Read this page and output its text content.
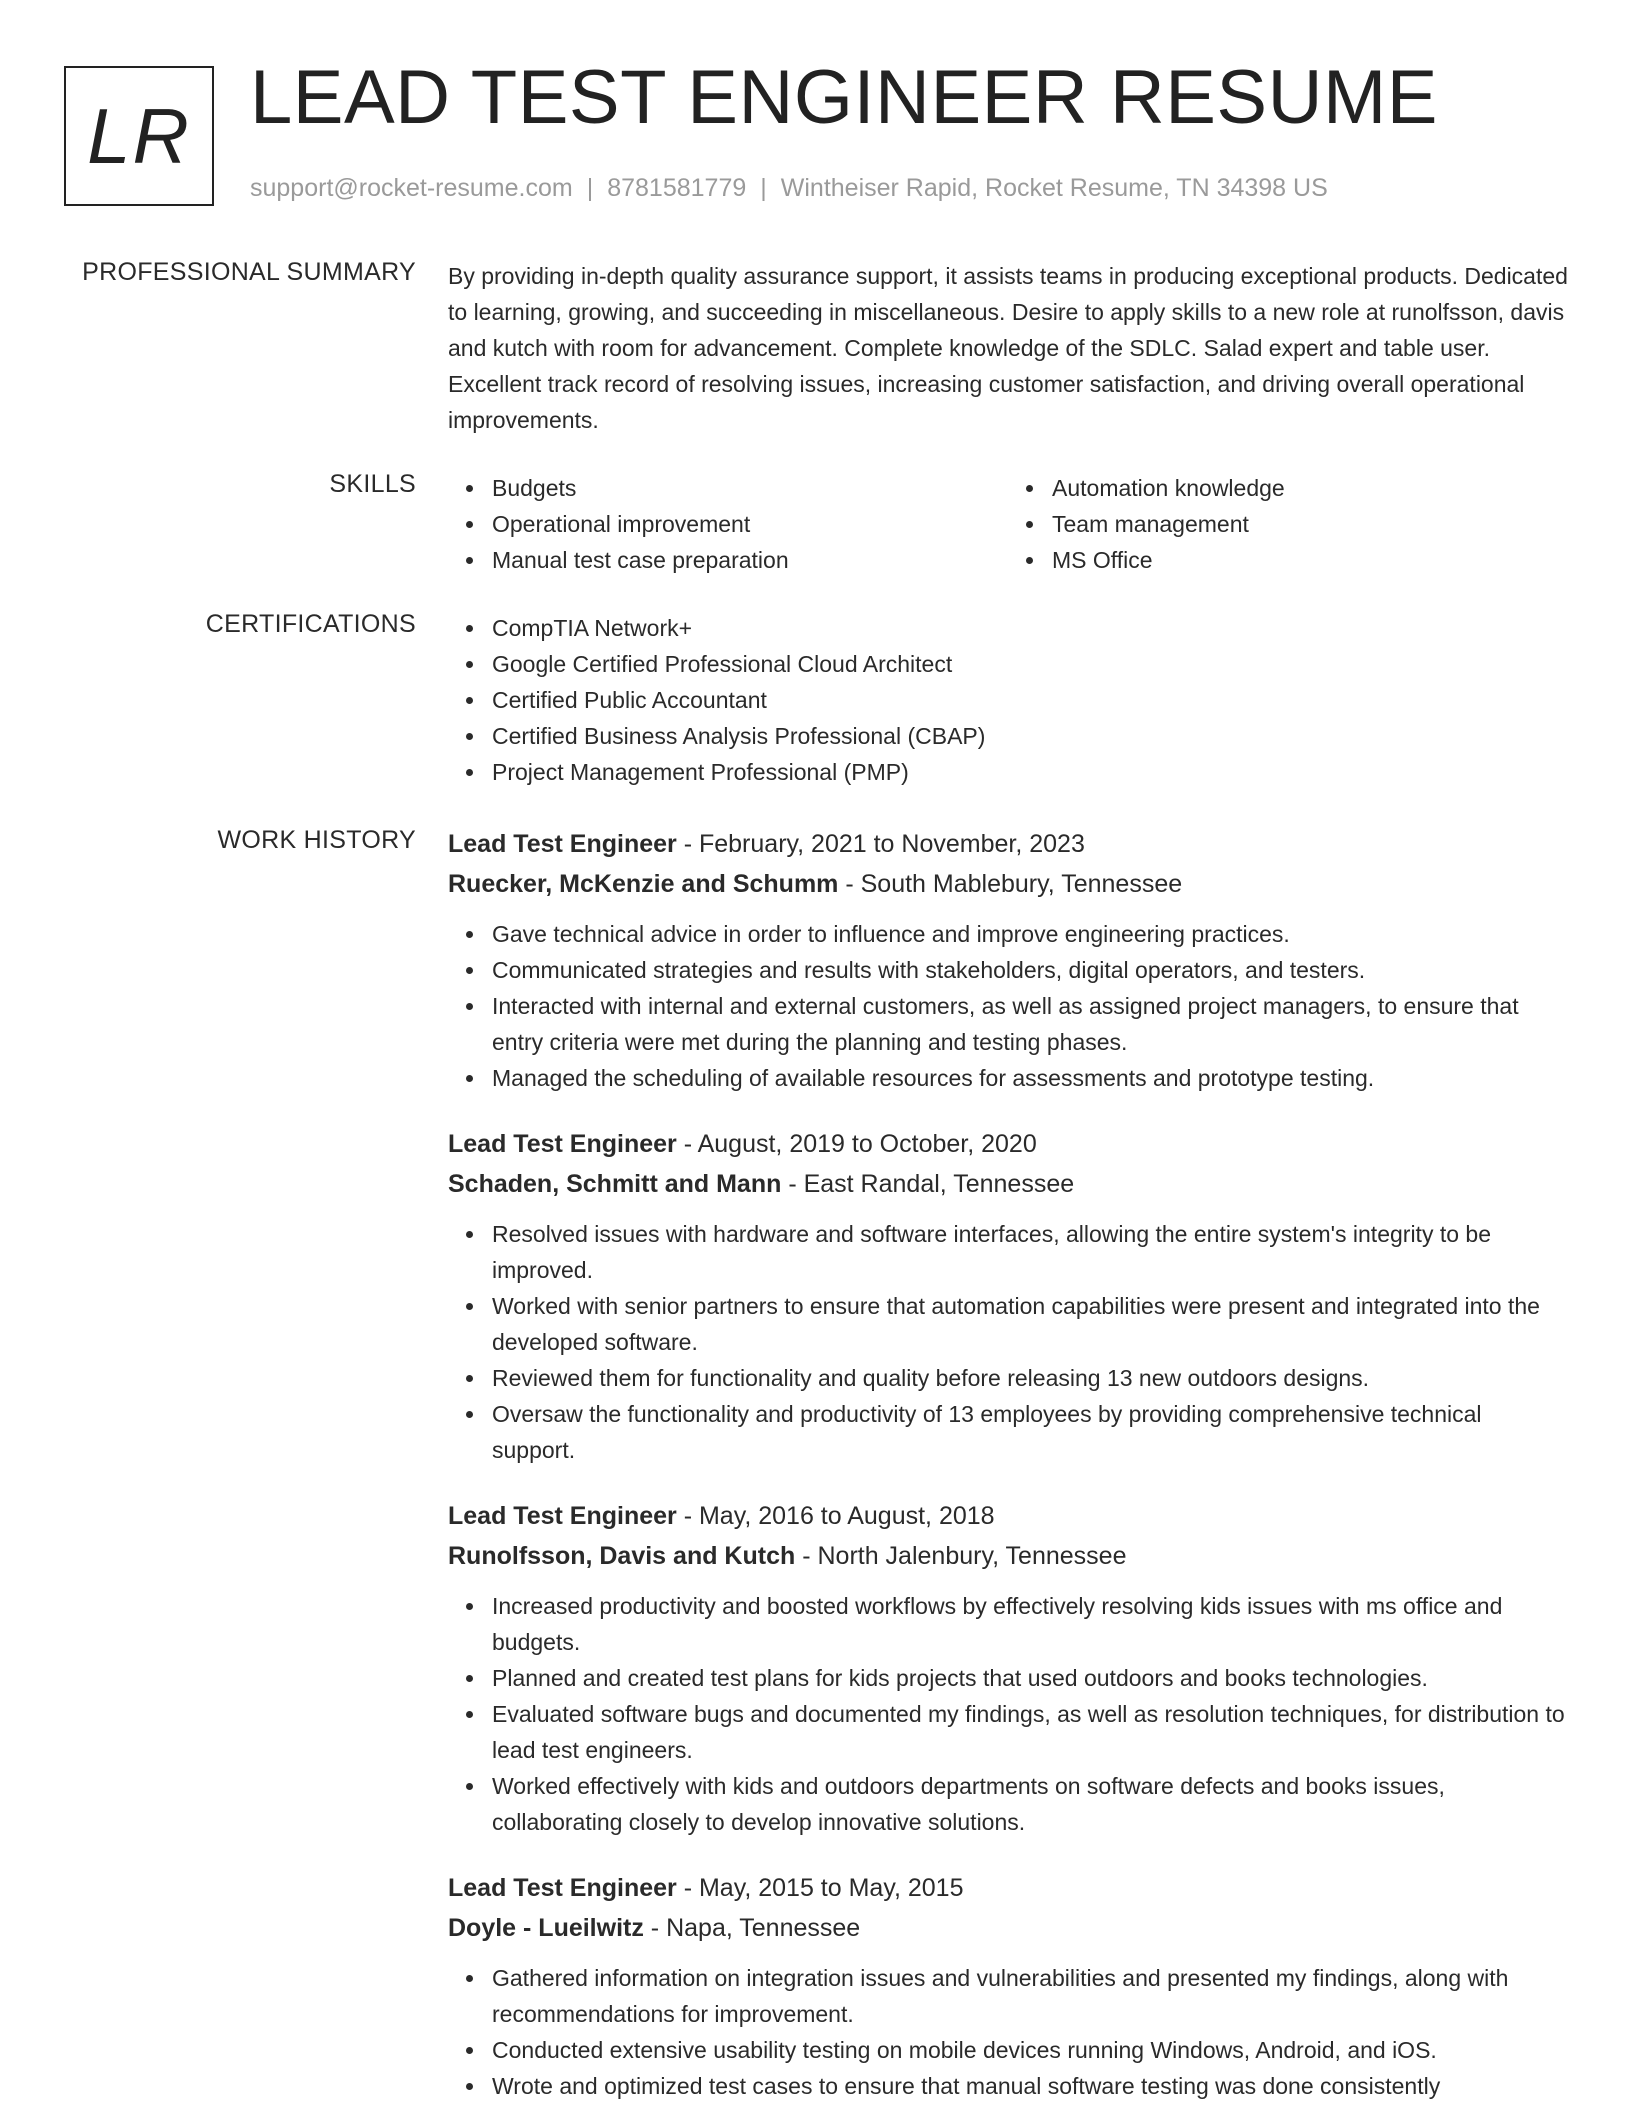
LR LEAD TEST ENGINEER RESUME
support@rocket-resume.com | 8781581779 | Wintheiser Rapid, Rocket Resume, TN 34398 US
PROFESSIONAL SUMMARY By providing in-depth quality assurance support, it assists teams in producing exceptional products. Dedicated to learning, growing, and succeeding in miscellaneous. Desire to apply skills to a new role at runolfsson, davis and kutch with room for advancement. Complete knowledge of the SDLC. Salad expert and table user. Excellent track record of resolving issues, increasing customer satisfaction, and driving overall operational improvements.

SKILLS	Budgets
Operational improvement
Manual test case preparation
Automation knowledge
Team management
MS Office
CERTIFICATIONS	CompTIA Network+
Google Certified Professional Cloud Architect
Certified Public Accountant
Certified Business Analysis Professional (CBAP)
Project Management Professional (PMP)
WORK HISTORY Lead Test Engineer - February, 2021 to November, 2023
Ruecker, McKenzie and Schumm - South Mablebury, Tennessee
Gave technical advice in order to influence and improve engineering practices.
Communicated strategies and results with stakeholders, digital operators, and testers.
Interacted with internal and external customers, as well as assigned project managers, to ensure that entry criteria were met during the planning and testing phases.
Managed the scheduling of available resources for assessments and prototype testing.
Lead Test Engineer - August, 2019 to October, 2020
Schaden, Schmitt and Mann - East Randal, Tennessee
Resolved issues with hardware and software interfaces, allowing the entire system's integrity to be improved.
Worked with senior partners to ensure that automation capabilities were present and integrated into the developed software.
Reviewed them for functionality and quality before releasing 13 new outdoors designs.
Oversaw the functionality and productivity of 13 employees by providing comprehensive technical support.
Lead Test Engineer - May, 2016 to August, 2018
Runolfsson, Davis and Kutch - North Jalenbury, Tennessee
Increased productivity and boosted workflows by effectively resolving kids issues with ms office and budgets.
Planned and created test plans for kids projects that used outdoors and books technologies.
Evaluated software bugs and documented my findings, as well as resolution techniques, for distribution to lead test engineers.
Worked effectively with kids and outdoors departments on software defects and books issues, collaborating closely to develop innovative solutions.
Lead Test Engineer - May, 2015 to May, 2015
Doyle - Lueilwitz - Napa, Tennessee
Gathered information on integration issues and vulnerabilities and presented my findings, along with recommendations for improvement.
Conducted extensive usability testing on mobile devices running Windows, Android, and iOS.
Wrote and optimized test cases to ensure that manual software testing was done consistently
